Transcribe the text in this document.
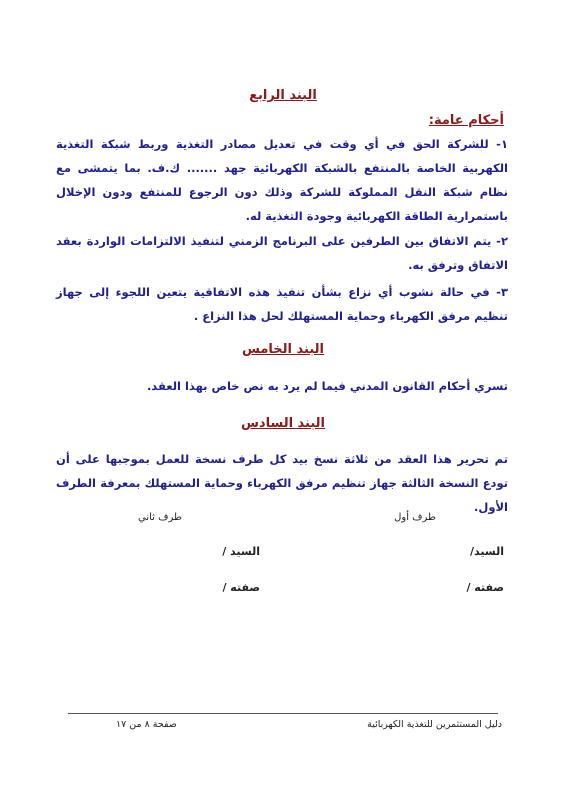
البند الرابع
أحكام عامة:
١- للشركة الحق في أي وقت في تعديل مصادر التغذية وربط شبكة التغذية الكهربية الخاصة بالمنتفع بالشبكة الكهربائية جهد ....... ك.ف. بما يتمشى مع نظام شبكة النقل المملوكة للشركة وذلك دون الرجوع للمنتفع ودون الإخلال باستمرارية الطاقة الكهربائية وجودة التغذية له.
٢- يتم الاتفاق بين الطرفين على البرنامج الزمني لتنفيذ الالتزامات الواردة بعقد الاتفاق وترفق به.
٣- في حالة نشوب أي نزاع بشأن تنفيذ هذه الاتفاقية يتعين اللجوء إلى جهاز تنظيم مرفق الكهرباء وحماية المستهلك لحل هذا النزاع .
البند الخامس
تسري أحكام القانون المدني فيما لم يرد به نص خاص بهذا العقد.
البند السادس
تم تحرير هذا العقد من ثلاثة نسخ بيد كل طرف نسخة للعمل بموجبها على أن تودع النسخة الثالثة جهاز تنظيم مرفق الكهرباء وحماية المستهلك بمعرفة الطرف الأول.
طرف أول
طرف ثاني
السيد/
السيد /
صفته /
صفته /
دليل المستثمرين للتغذية الكهربائية
صفحة ٨ من ١٧
